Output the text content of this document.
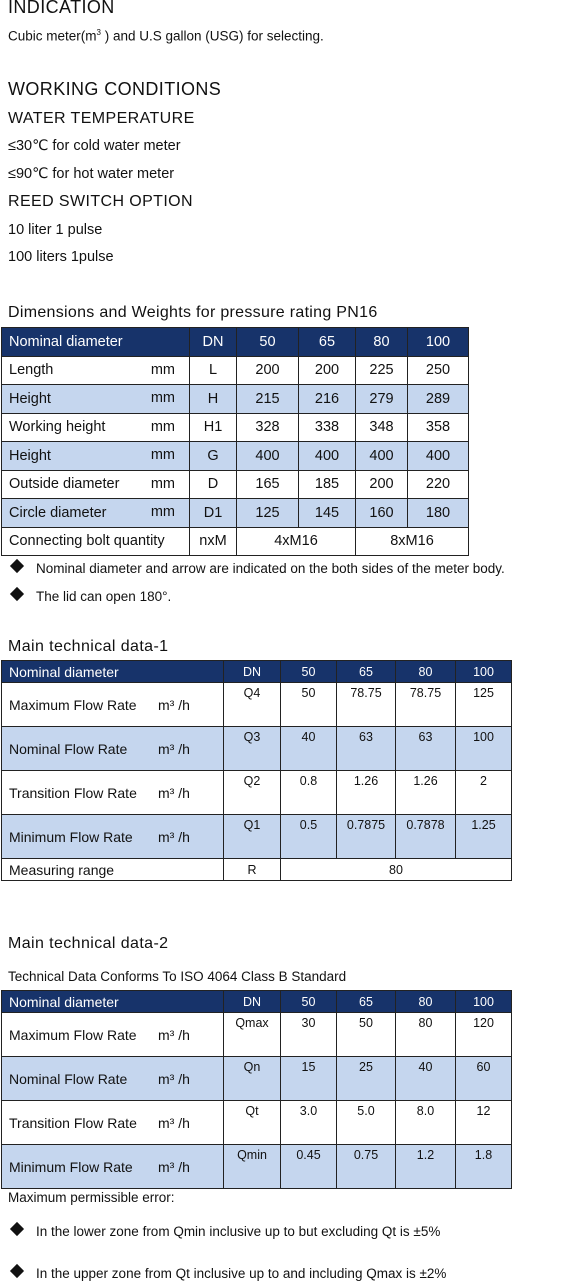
INDICATION
Cubic $meter(m^3$ ) and U.S gallon (USG) for selecting.
WORKING CONDITIONS
WATER TEMPERATURE
≤30℃ for cold water meter
≤90℃ for hot water meter
REED SWITCH OPTION
10 liter 1 pulse
100 liters 1pulse
Dimensions and Weights for pressure rating PN16
Nominal diameter	DN	50	65	80	100
Length mm	L	200	200	225	250
Height mm	H	215	216	279	289
Working height mm	H1	328	338	348	358
Height mm	G	400	400	400	400
Outside diameter mm	D	165	185	200	220
Circle diameter mm	D1	125	145	160	180
Connecting bolt quantity	nxM	4xM16		8xM16	
Nominal diameter and arrow are indicated on the both sides of the meter body.
The lid can open 180°.
Main technical data-1
Nominal diameter	DN	50	65	80	100
Maximum Flow Rate m³ /h	Q4	50	78.75	78.75	125
Nominal Flow Rate m³ /h	Q3	40	63	63	100
Transition Flow Rate m³ /h	Q2	0.8	1.26	1.26	2
Minimum Flow Rate m³ /h	Q1	0.5	0.7875	0.7878	1.25
Measuring range	R	80			
Main technical data-2
Technical Data Conforms To ISO 4064 Class B Standard
Nominal diameter	DN	50	65	80	100
Maximum Flow Rate m³ /h	Qmax	30	50	80	120
Nominal Flow Rate m³ /h	Qn	15	25	40	60
Transition Flow Rate m³ /h	Qt	3.0	5.0	8.0	12
Minimum Flow Rate m³ /h	Qmin	0.45	0.75	1.2	1.8
Maximum permissible error:
In the lower zone from Qmin inclusive up to but excluding Qt is ±5%
In the upper zone from Qt inclusive up to and including Qmax is ±2%
